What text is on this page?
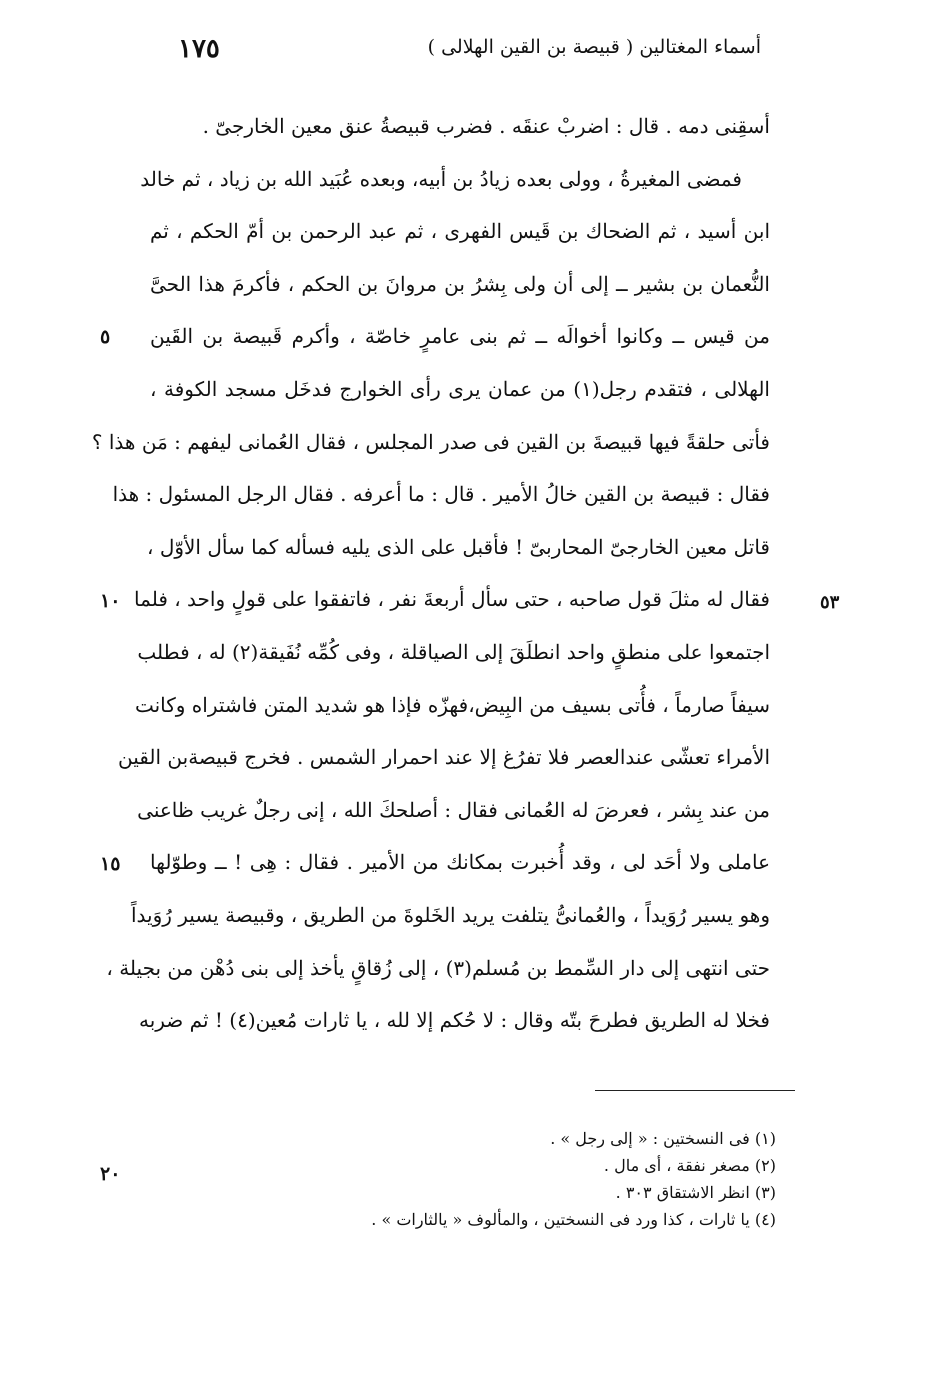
١٧٥	أسماء المغتالين ( قبيصة بن القين الهلالى )
أسقِنى دمه . قال : اضربْ عنقَه . فضرب قبيصةُ عنق معين الخارجىّ .
فمضى المغيرةُ ، وولى بعده زيادُ بن أبيه، وبعده عُبَيد الله بن زياد ، ثم خالد
ابن أسيد ، ثم الضحاك بن قَيس الفهرى ، ثم عبد الرحمن بن أمّ الحكم ، ثم
النُّعمان بن بشير ــ إلى أن ولى بِشرُ بن مروانَ بن الحكم ، فأكرمَ هذا الحىَّ
من قيس ــ وكانوا أخوالَه ــ ثم بنى عامرٍ خاصّة ، وأكرم قَبيصة بن القَين
الهلالى ، فتقدم رجل(١) من عمان يرى رأى الخوارج فدخَل مسجد الكوفة ،
فأتى حلقةً فيها قبيصةَ بن القين فى صدر المجلس ، فقال العُمانى ليفهم : مَن هذا ؟
فقال : قبيصة بن القين خالُ الأمير . قال : ما أعرفه . فقال الرجل المسئول : هذا
قاتل معين الخارجىّ المحاربىّ ! فأقبل على الذى يليه فسأله كما سأل الأوّل ،
فقال له مثلَ قول صاحبه ، حتى سأل أربعةَ نفر ، فاتفقوا على قولٍ واحد ، فلما
اجتمعوا على منطقٍ واحد انطلَقَ إلى الصياقلة ، وفى كُمِّه نُفَيقة(٢) له ، فطلب
سيفاً صارماً ، فأُتى بسيف من البِيض،فهزّه فإذا هو شديد المتن فاشتراه وكانت
الأمراء تعشّى عندالعصر فلا تفرُغ إلا عند احمرار الشمس . فخرج قبيصةبن القين
من عند بِشر ، فعرضَ له العُمانى فقال : أصلحكَ الله ، إنى رجلٌ غريب ظاعنى
عاملى ولا أحَد لى ، وقد أُخبرت بمكانك من الأمير . فقال : هِى ! ــ وطوّلها
وهو يسير رُوَيداً ، والعُمانىُّ يتلفت يريد الخَلوةَ من الطريق ، وقبيصة يسير رُوَيداً
حتى انتهى إلى دار السِّمط بن مُسلم(٣) ، إلى زُقاقٍ يأخذ إلى بنى دُهْن من بجيلة ،
فخلا له الطريق فطرحَ بتّه وقال : لا حُكم إلا لله ، يا ثارات مُعين(٤) ! ثم ضربه
٥
١٠
١٥
٢٠
٥٣
(١) فى النسختين : « إلى رجل » .
(٢) مصغر نفقة ، أى مال .
(٣) انظر الاشتقاق ٣٠٣ .
(٤) يا ثارات ، كذا ورد فى النسختين ، والمألوف « يالثارات » .
